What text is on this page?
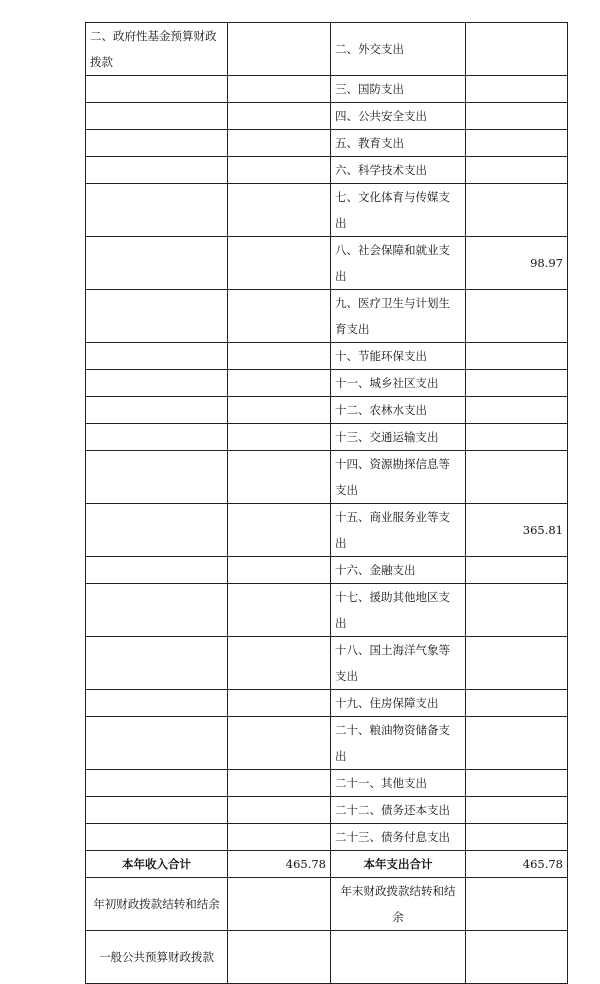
二、政府性基金预算财政拨款		二、外交支出	
		三、国防支出	
		四、公共安全支出	
		五、教育支出	
		六、科学技术支出	
		七、文化体育与传媒支出	
		八、社会保障和就业支出	98.97
		九、医疗卫生与计划生育支出	
		十、节能环保支出	
		十一、城乡社区支出	
		十二、农林水支出	
		十三、交通运输支出	
		十四、资源勘探信息等支出	
		十五、商业服务业等支出	365.81
		十六、金融支出	
		十七、援助其他地区支出	
		十八、国土海洋气象等支出	
		十九、住房保障支出	
		二十、粮油物资储备支出	
		二十一、其他支出	
		二十二、债务还本支出	
		二十三、债务付息支出	
本年收入合计	465.78	本年支出合计	465.78
年初财政拨款结转和结余		年末财政拨款结转和结余	
一般公共预算财政拨款			
